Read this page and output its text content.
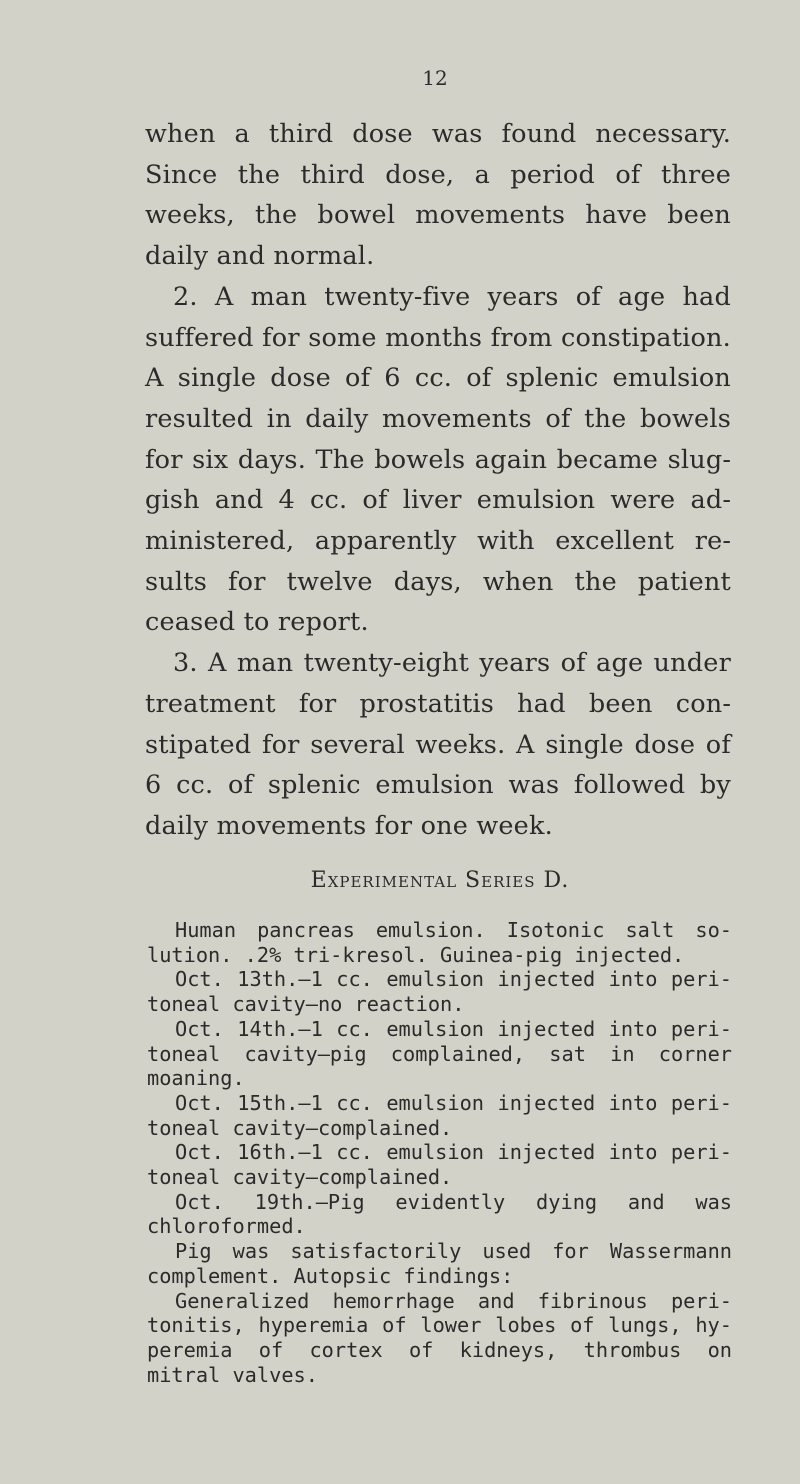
12

when a third dose was found necessary. Since the third dose, a period of three weeks, the bowel movements have been daily and normal.

2. A man twenty-five years of age had suffered for some months from constipation. A single dose of 6 cc. of splenic emulsion resulted in daily movements of the bowels for six days. The bowels again became sluggish and 4 cc. of liver emulsion were administered, apparently with excellent results for twelve days, when the patient ceased to report.

3. A man twenty-eight years of age under treatment for prostatitis had been constipated for several weeks. A single dose of 6 cc. of splenic emulsion was followed by daily movements for one week.

Experimental Series D.

Human pancreas emulsion. Isotonic salt solution. .2% tri-kresol. Guinea-pig injected.

Oct. 13th.—1 cc. emulsion injected into peritoneal cavity—no reaction.

Oct. 14th.—1 cc. emulsion injected into peritoneal cavity—pig complained, sat in corner moaning.

Oct. 15th.—1 cc. emulsion injected into peritoneal cavity—complained.

Oct. 16th.—1 cc. emulsion injected into peritoneal cavity—complained.

Oct. 19th.—Pig evidently dying and was chloroformed.

Pig was satisfactorily used for Wassermann complement. Autopsic findings:

Generalized hemorrhage and fibrinous peritonitis, hyperemia of lower lobes of lungs, hyperemia of cortex of kidneys, thrombus on mitral valves.
